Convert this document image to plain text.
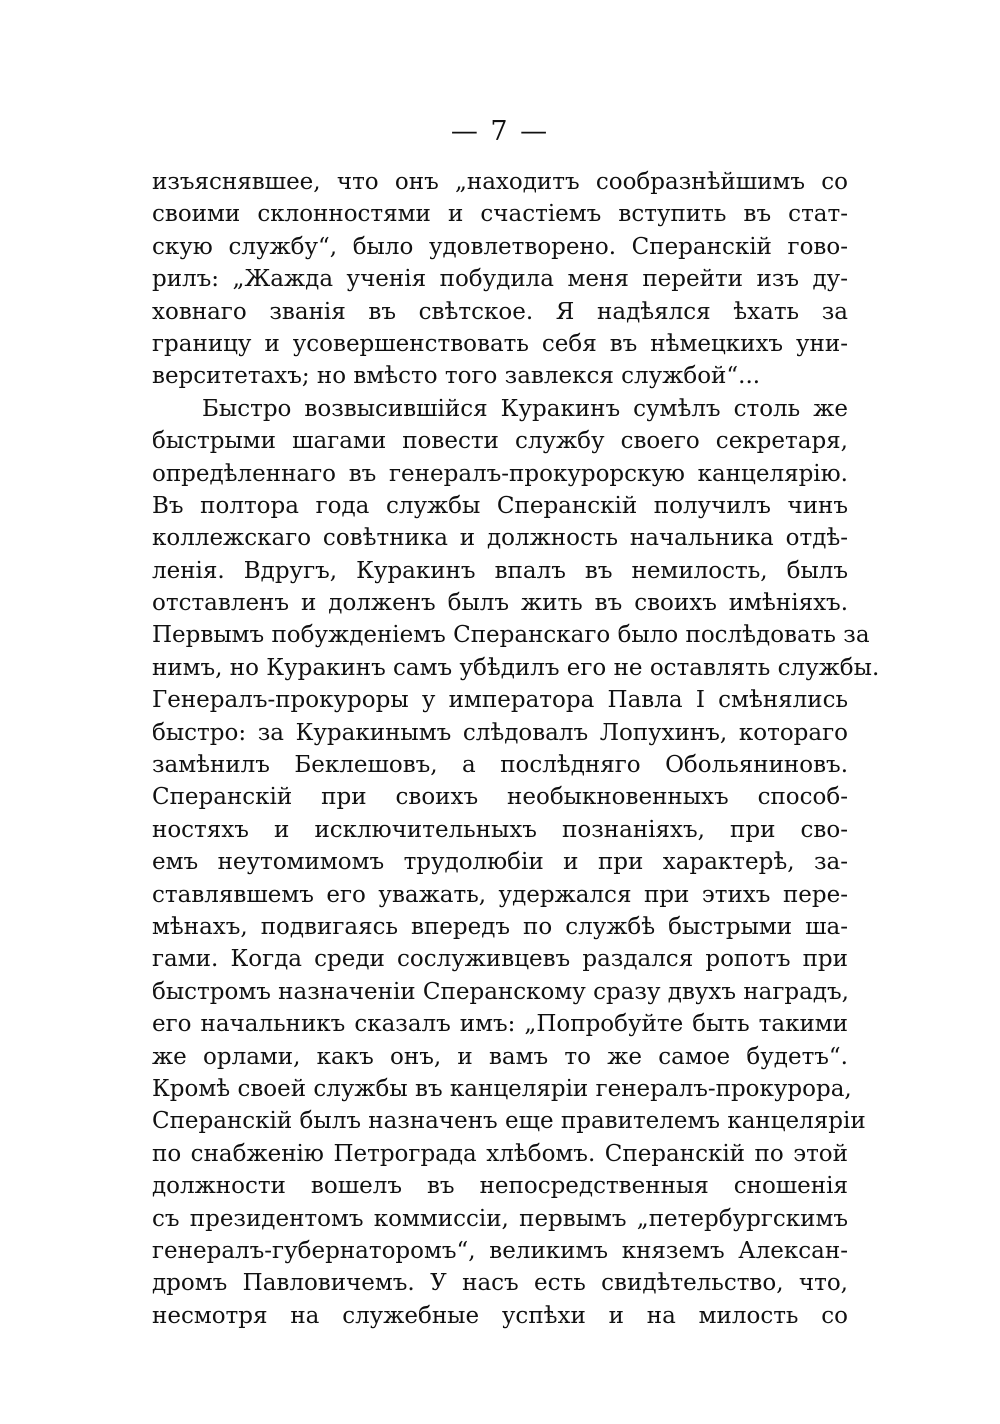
— 7 —
изъяснявшее, что онъ „находитъ сообразнѣйшимъ со
своими склонностями и счастіемъ вступить въ стат-
скую службу“, было удовлетворено. Сперанскій гово-
рилъ: „Жажда ученія побудила меня перейти изъ ду-
ховнаго званія въ свѣтское. Я надѣялся ѣхать за
границу и усовершенствовать себя въ нѣмецкихъ уни-
верситетахъ; но вмѣсто того завлекся службой“...
Быстро возвысившійся Куракинъ сумѣлъ столь же
быстрыми шагами повести службу своего секретаря,
опредѣленнаго въ генералъ-прокурорскую канцелярію.
Въ полтора года службы Сперанскій получилъ чинъ
коллежскаго совѣтника и должность начальника отдѣ-
ленія. Вдругъ, Куракинъ впалъ въ немилость, былъ
отставленъ и долженъ былъ жить въ своихъ имѣніяхъ.
Первымъ побужденіемъ Сперанскаго было послѣдовать за
нимъ, но Куракинъ самъ убѣдилъ его не оставлять службы.
Генералъ-прокуроры у императора Павла I смѣнялись
быстро: за Куракинымъ слѣдовалъ Лопухинъ, котораго
замѣнилъ Беклешовъ, а послѣдняго Обольяниновъ.
Сперанскій при своихъ необыкновенныхъ способ-
ностяхъ и исключительныхъ познаніяхъ, при сво-
емъ неутомимомъ трудолюбіи и при характерѣ, за-
ставлявшемъ его уважать, удержался при этихъ пере-
мѣнахъ, подвигаясь впередъ по службѣ быстрыми ша-
гами. Когда среди сослуживцевъ раздался ропотъ при
быстромъ назначеніи Сперанскому сразу двухъ наградъ,
его начальникъ сказалъ имъ: „Попробуйте быть такими
же орлами, какъ онъ, и вамъ то же самое будетъ“.
Кромѣ своей службы въ канцеляріи генералъ-прокурора,
Сперанскій былъ назначенъ еще правителемъ канцеляріи
по снабженію Петрограда хлѣбомъ. Сперанскій по этой
должности вошелъ въ непосредственныя сношенія
съ президентомъ коммиссіи, первымъ „петербургскимъ
генералъ-губернаторомъ“, великимъ княземъ Алексан-
дромъ Павловичемъ. У насъ есть свидѣтельство, что,
несмотря на служебные успѣхи и на милость со
